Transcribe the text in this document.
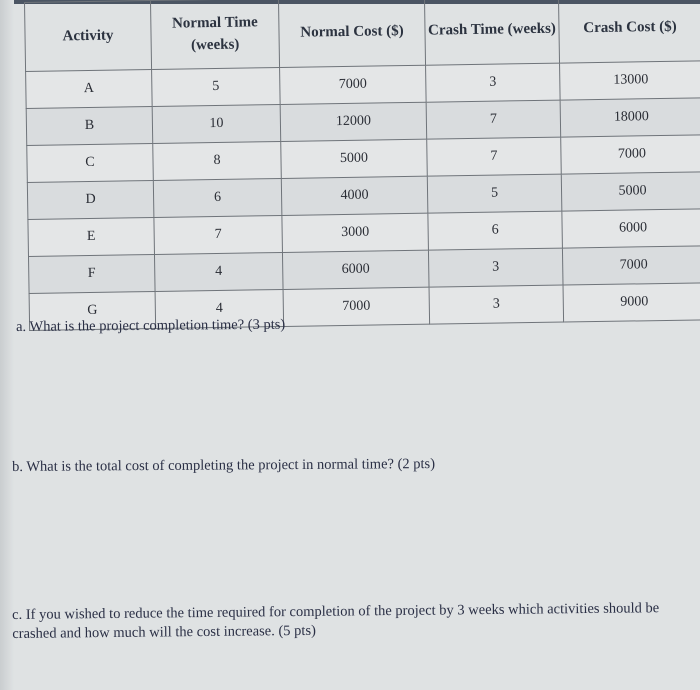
Activity	Normal Time (weeks)	Normal Cost ($)	Crash Time (weeks)	Crash Cost ($)
A	5	7000	3	13000
B	10	12000	7	18000
C	8	5000	7	7000
D	6	4000	5	5000
E	7	3000	6	6000
F	4	6000	3	7000
G	4	7000	3	9000
a. What is the project completion time? (3 pts)
b. What is the total cost of completing the project in normal time? (2 pts)
c. If you wished to reduce the time required for completion of the project by 3 weeks which activities should be crashed and how much will the cost increase. (5 pts)
